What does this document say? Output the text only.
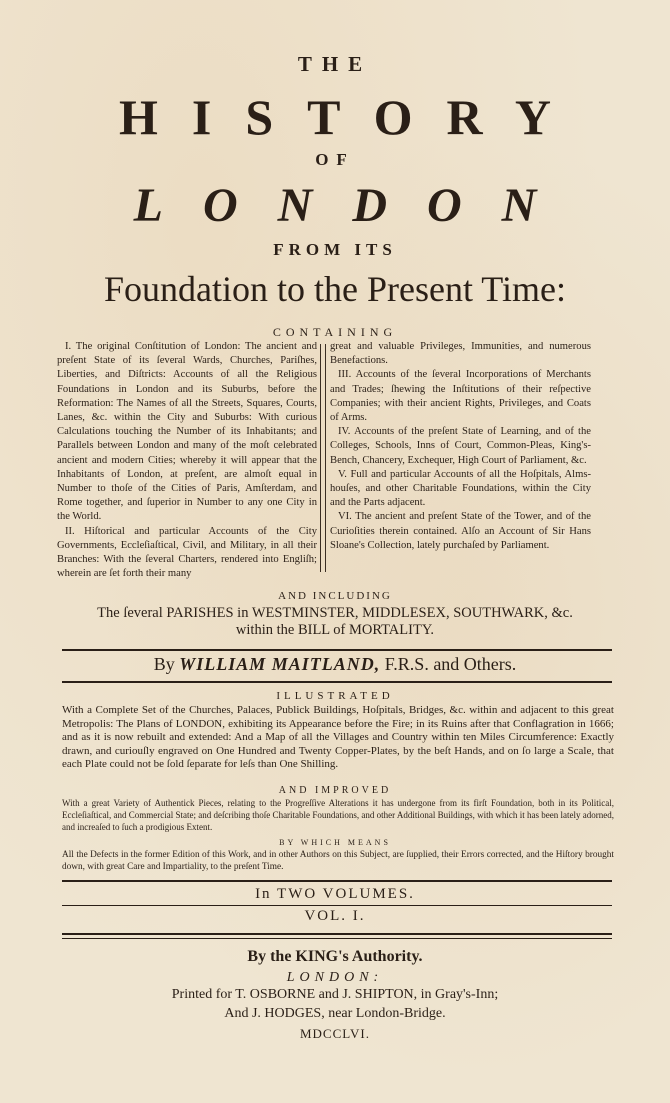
THE
HISTORY
OF
LONDON
FROM ITS
Foundation to the Present Time:
CONTAINING

I. The original Conſtitution of London: The ancient and preſent State of its ſeveral Wards, Churches, Pariſhes, Liberties, and Diſtricts: Accounts of all the Religious Foundations in London and its Suburbs, before the Reformation: The Names of all the Streets, Squares, Courts, Lanes, &c. within the City and Suburbs: With curious Calculations touching the Number of its Inhabitants; and Parallels between London and many of the moſt celebrated ancient and modern Cities; whereby it will appear that the Inhabitants of London, at preſent, are almoſt equal in Number to thoſe of the Cities of Paris, Amſterdam, and Rome together, and ſuperior in Number to any one City in the World.

II. Hiſtorical and particular Accounts of the City Governments, Eccleſiaſtical, Civil, and Military, in all their Branches: With the ſeveral Charters, rendered into Engliſh; wherein are ſet forth their many

great and valuable Privileges, Immunities, and numerous Benefactions.

III. Accounts of the ſeveral Incorporations of Merchants and Trades; ſhewing the Inſtitutions of their reſpective Companies; with their ancient Rights, Privileges, and Coats of Arms.

IV. Accounts of the preſent State of Learning, and of the Colleges, Schools, Inns of Court, Common-Pleas, King's-Bench, Chancery, Exchequer, High Court of Parliament, &c.

V. Full and particular Accounts of all the Hoſpitals, Alms-houſes, and other Charitable Foundations, within the City and the Parts adjacent.

VI. The ancient and preſent State of the Tower, and of the Curioſities therein contained. Alſo an Account of Sir Hans Sloane's Collection, lately purchaſed by Parliament.

AND INCLUDING
The ſeveral PARISHES in WESTMINSTER, MIDDLESEX, SOUTHWARK, &c.
within the BILL of MORTALITY.
By WILLIAM MAITLAND, F.R.S. and Others.
ILLUSTRATED
With a Complete Set of the Churches, Palaces, Publick Buildings, Hoſpitals, Bridges, &c. within and adjacent to this great Metropolis: The Plans of LONDON, exhibiting its Appearance before the Fire; in its Ruins after that Conflagration in 1666; and as it is now rebuilt and extended: And a Map of all the Villages and Country within ten Miles Circumference: Exactly drawn, and curiouſly engraved on One Hundred and Twenty Copper-Plates, by the beſt Hands, and on ſo large a Scale, that each Plate could not be ſold ſeparate for leſs than One Shilling.
AND IMPROVED
With a great Variety of Authentick Pieces, relating to the Progreſſive Alterations it has undergone from its firſt Foundation, both in its Political, Eccleſiaſtical, and Commercial State; and deſcribing thoſe Charitable Foundations, and other Additional Buildings, with which it has been lately adorned, and increaſed to ſuch a prodigious Extent.
BY WHICH MEANS
All the Defects in the former Edition of this Work, and in other Authors on this Subject, are ſupplied, their Errors corrected, and the Hiſtory brought down, with great Care and Impartiality, to the preſent Time.
In TWO VOLUMES.
VOL. I.
By the KING's Authority.
LONDON:
Printed for T. OSBORNE and J. SHIPTON, in Gray's-Inn;
And J. HODGES, near London-Bridge.
MDCCLVI.
